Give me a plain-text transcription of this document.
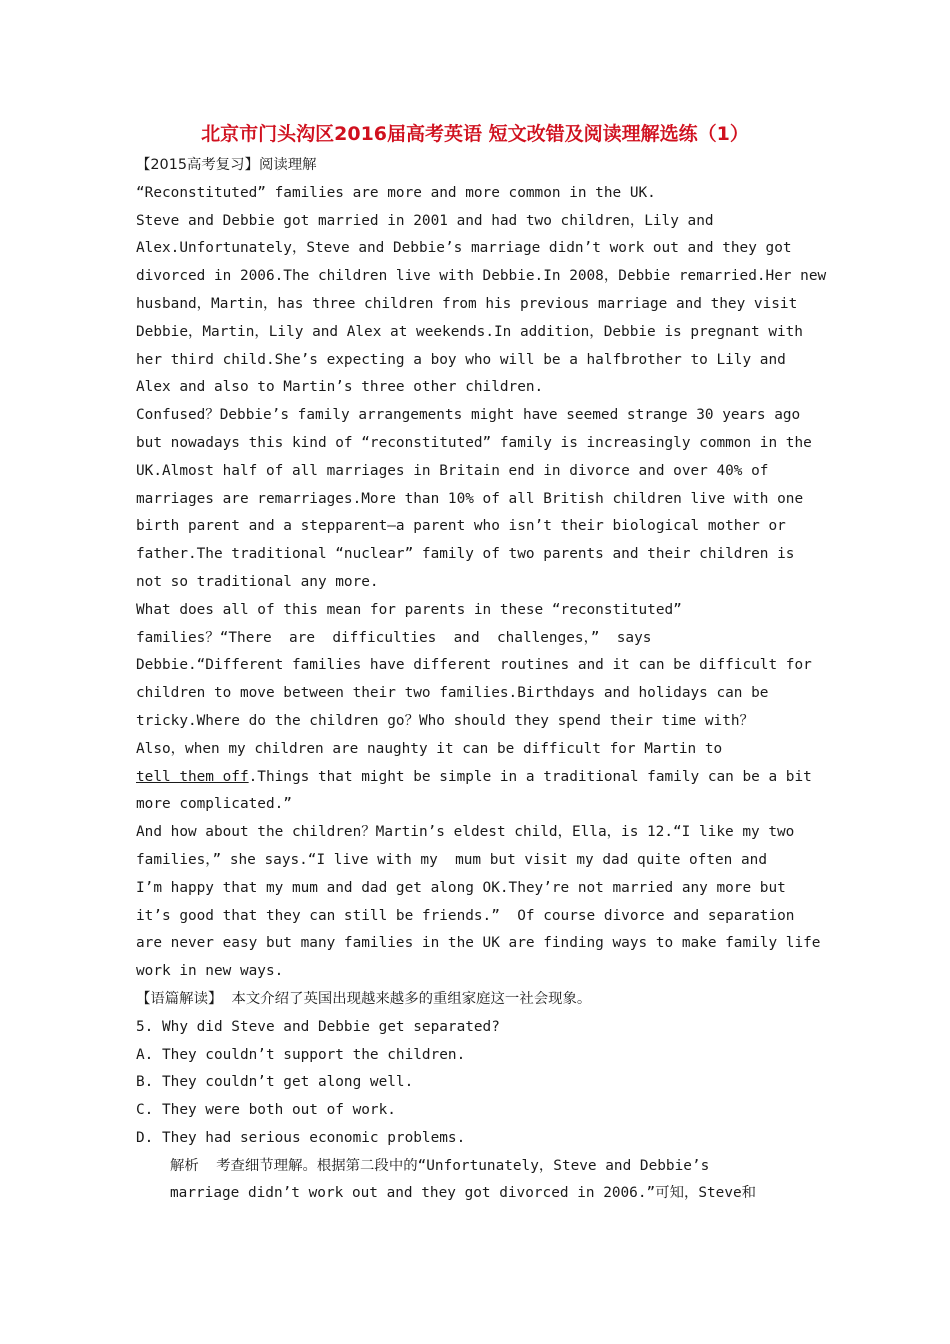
北京市门头沟区2016届高考英语 短文改错及阅读理解选练（1）
【2015高考复习】阅读理解
“Reconstituted” families are more and more common in the UK.
Steve and Debbie got married in 2001 and had two children，Lily and
Alex.Unfortunately，Steve and Debbie’s marriage didn’t work out and they got
divorced in 2006.The children live with Debbie.In 2008，Debbie remarried.Her new
husband，Martin，has three children from his previous marriage and they visit
Debbie，Martin，Lily and Alex at weekends.In addition，Debbie is pregnant with
her third child.She’s expecting a boy who will be a halfbrother to Lily and
Alex and also to Martin’s three other children.
Confused？Debbie’s family arrangements might have seemed strange 30 years ago
but nowadays this kind of “reconstituted” family is increasingly common in the
UK.Almost half of all marriages in Britain end in divorce and over 40% of
marriages are remarriages.More than 10% of all British children live with one
birth parent and a stepparent—a parent who isn’t their biological mother or
father.The traditional “nuclear” family of two parents and their children is
not so traditional any more.
What does all of this mean for parents in these “reconstituted”
families？“There  are  difficulties  and  challenges，”  says
Debbie.“Different families have different routines and it can be difficult for
children to move between their two families.Birthdays and holidays can be
tricky.Where do the children go？Who should they spend their time with？
Also，when my children are naughty it can be difficult for Martin to
tell them off.Things that might be simple in a traditional family can be a bit
more complicated.”
And how about the children？Martin’s eldest child，Ella，is 12.“I like my two
families，” she says.“I live with my  mum but visit my dad quite often and
I’m happy that my mum and dad get along OK.They’re not married any more but
it’s good that they can still be friends.”  Of course divorce and separation
are never easy but many families in the UK are finding ways to make family life
work in new ways.
【语篇解读】  本文介绍了英国出现越来越多的重组家庭这一社会现象。
5. Why did Steve and Debbie get separated?
A. They couldn’t support the children.
B. They couldn’t get along well.
C. They were both out of work.
D. They had serious economic problems.
解析  考查细节理解。根据第二段中的“Unfortunately，Steve and Debbie’s
marriage didn’t work out and they got divorced in 2006.”可知，Steve和
